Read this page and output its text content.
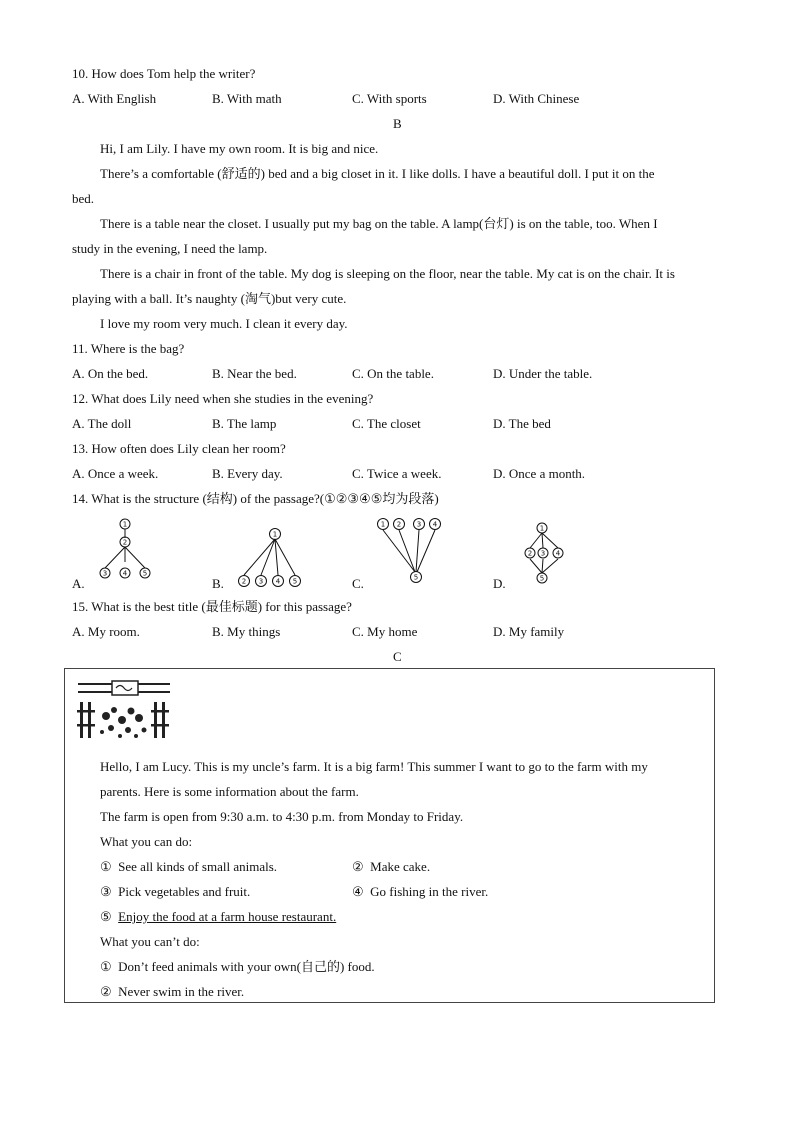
10. How does Tom help the writer?
A. With English	B. With math	C. With sports	D. With Chinese
B
Hi, I am Lily. I have my own room. It is big and nice.
There’s a comfortable (舒适的) bed and a big closet in it. I like dolls. I have a beautiful doll. I put it on the
bed.
There is a table near the closet. I usually put my bag on the table. A lamp(台灯) is on the table, too. When I
study in the evening, I need the lamp.
There is a chair in front of the table. My dog is sleeping on the floor, near the table. My cat is on the chair. It is
playing with a ball. It’s naughty (淘气)but very cute.
I love my room very much. I clean it every day.
11. Where is the bag?
A. On the bed.	B. Near the bed.	C. On the table.	D. Under the table.
12. What does Lily need when she studies in the evening?
A. The doll	B. The lamp	C. The closet	D. The bed
13. How often does Lily clean her room?
A. Once a week.	B. Every day.	C. Twice a week.	D. Once a month.
14. What is the structure (结构) of the passage?(①②③④⑤均为段落)
A.	B.	C.	D.
1
2
3 4 5
1
2 3 4 5
1 2 3 4
5
1
2 3 4
5
15. What is the best title (最佳标题) for this passage?
A. My room.	B. My things	C. My home	D. My family
C
Hello, I am Lucy. This is my uncle’s farm. It is a big farm! This summer I want to go to the farm with my
parents. Here is some information about the farm.
The farm is open from 9:30 a.m. to 4:30 p.m. from Monday to Friday.
What you can do:
① See all kinds of small animals.	② Make cake.
③ Pick vegetables and fruit.	④ Go fishing in the river.
⑤ Enjoy the food at a farm house restaurant.
What you can’t do:
① Don’t feed animals with your own(自己的) food.
② Never swim in the river.
